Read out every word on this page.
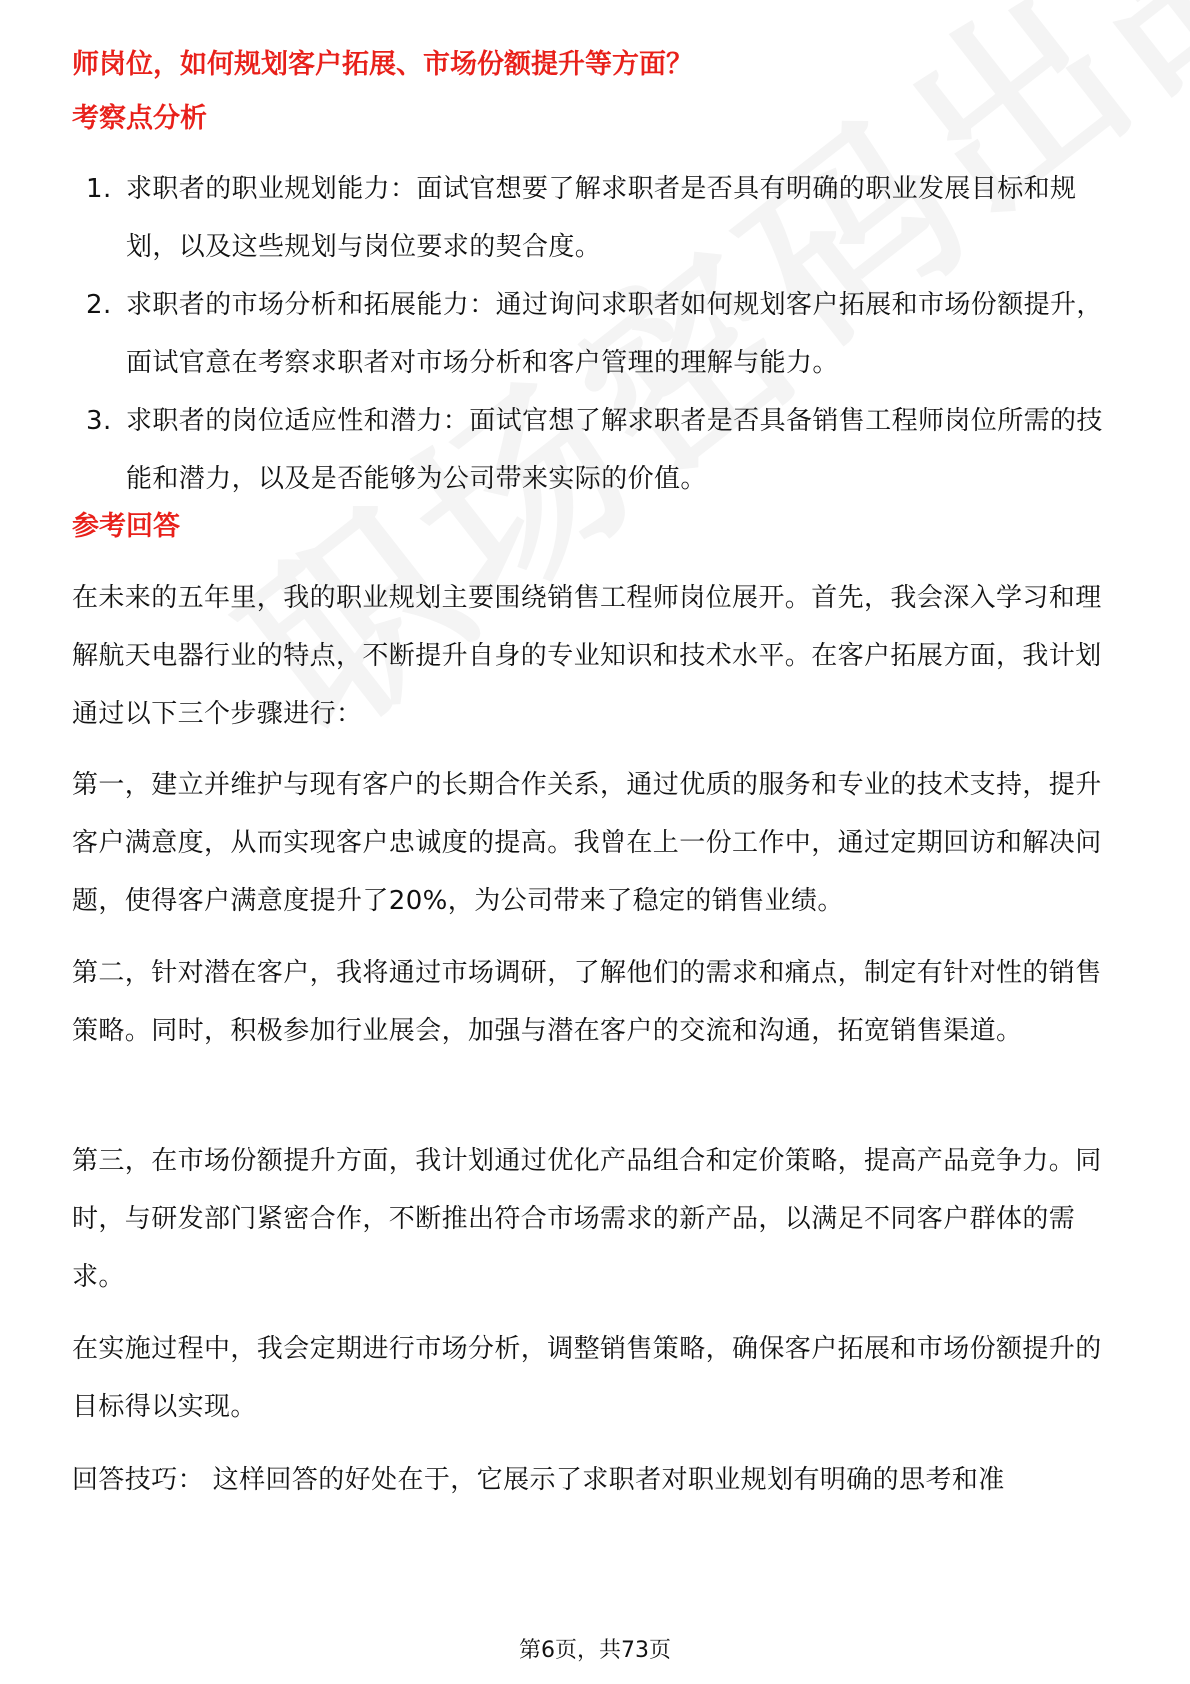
师岗位，如何规划客户拓展、市场份额提升等方面？
考察点分析
1. 求职者的职业规划能力：面试官想要了解求职者是否具有明确的职业发展目标和规划，以及这些规划与岗位要求的契合度。
2. 求职者的市场分析和拓展能力：通过询问求职者如何规划客户拓展和市场份额提升，面试官意在考察求职者对市场分析和客户管理的理解与能力。
3. 求职者的岗位适应性和潜力：面试官想了解求职者是否具备销售工程师岗位所需的技能和潜力，以及是否能够为公司带来实际的价值。
参考回答
在未来的五年里，我的职业规划主要围绕销售工程师岗位展开。首先，我会深入学习和理解航天电器行业的特点，不断提升自身的专业知识和技术水平。在客户拓展方面，我计划通过以下三个步骤进行：
第一，建立并维护与现有客户的长期合作关系，通过优质的服务和专业的技术支持，提升客户满意度，从而实现客户忠诚度的提高。我曾在上一份工作中，通过定期回访和解决问题，使得客户满意度提升了20%，为公司带来了稳定的销售业绩。
第二，针对潜在客户，我将通过市场调研，了解他们的需求和痛点，制定有针对性的销售策略。同时，积极参加行业展会，加强与潜在客户的交流和沟通，拓宽销售渠道。
第三，在市场份额提升方面，我计划通过优化产品组合和定价策略，提高产品竞争力。同时，与研发部门紧密合作，不断推出符合市场需求的新产品，以满足不同客户群体的需求。
在实施过程中，我会定期进行市场分析，调整销售策略，确保客户拓展和市场份额提升的目标得以实现。
回答技巧： 这样回答的好处在于，它展示了求职者对职业规划有明确的思考和准
第6页，共73页
